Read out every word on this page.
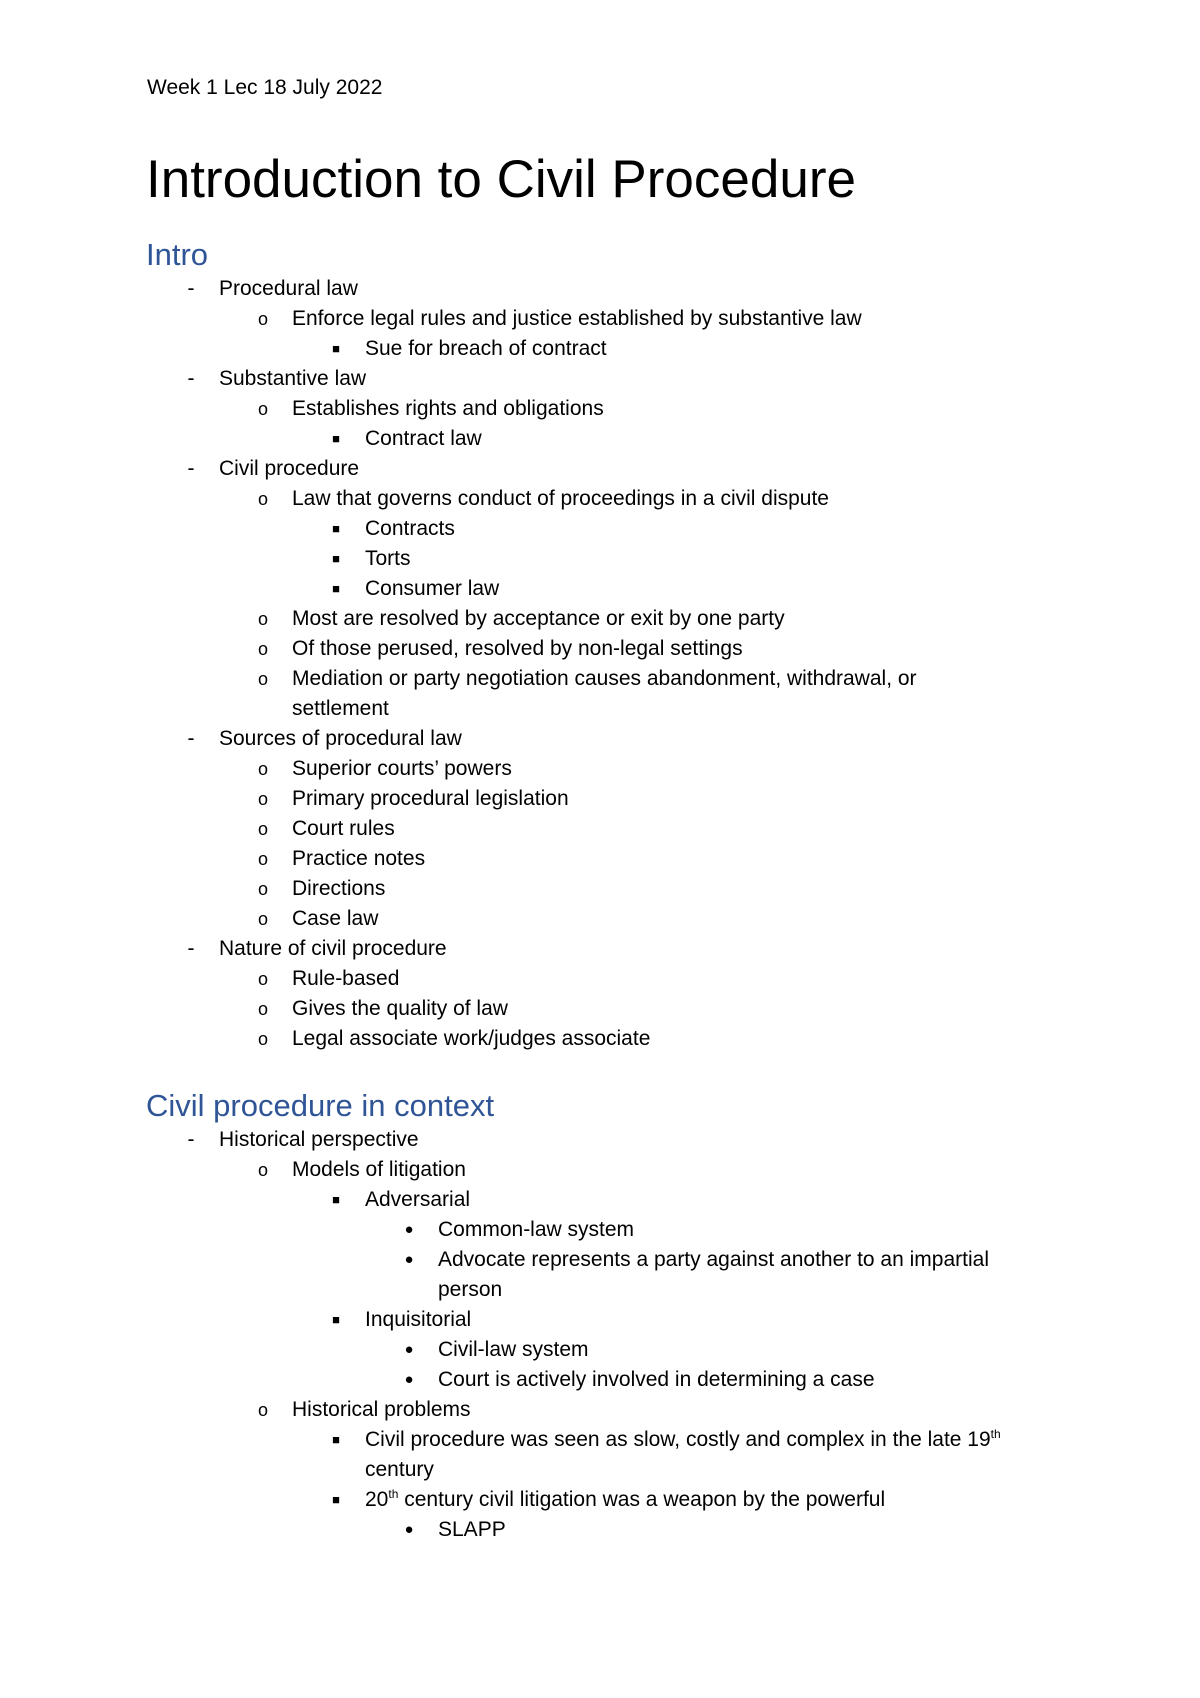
Week 1 Lec 18 July 2022
Introduction to Civil Procedure
Intro
-	Procedural law
o Enforce legal rules and justice established by substantive law
■ Sue for breach of contract
-	Substantive law
o Establishes rights and obligations
■ Contract law
-	Civil procedure
o Law that governs conduct of proceedings in a civil dispute
■ Contracts
■ Torts
■ Consumer law
o Most are resolved by acceptance or exit by one party
o Of those perused, resolved by non-legal settings
o Mediation or party negotiation causes abandonment, withdrawal, or settlement
-	Sources of procedural law
o Superior courts’ powers
o Primary procedural legislation
o Court rules
o Practice notes
o Directions
o Case law
-	Nature of civil procedure
o Rule-based
o Gives the quality of law
o Legal associate work/judges associate
Civil procedure in context
-	Historical perspective
o Models of litigation
■ Adversarial
● Common-law system
● Advocate represents a party against another to an impartial person
■ Inquisitorial
● Civil-law system
● Court is actively involved in determining a case
o Historical problems
■ Civil procedure was seen as slow, costly and complex in the late 19th century
■ 20th century civil litigation was a weapon by the powerful
● SLAPP
